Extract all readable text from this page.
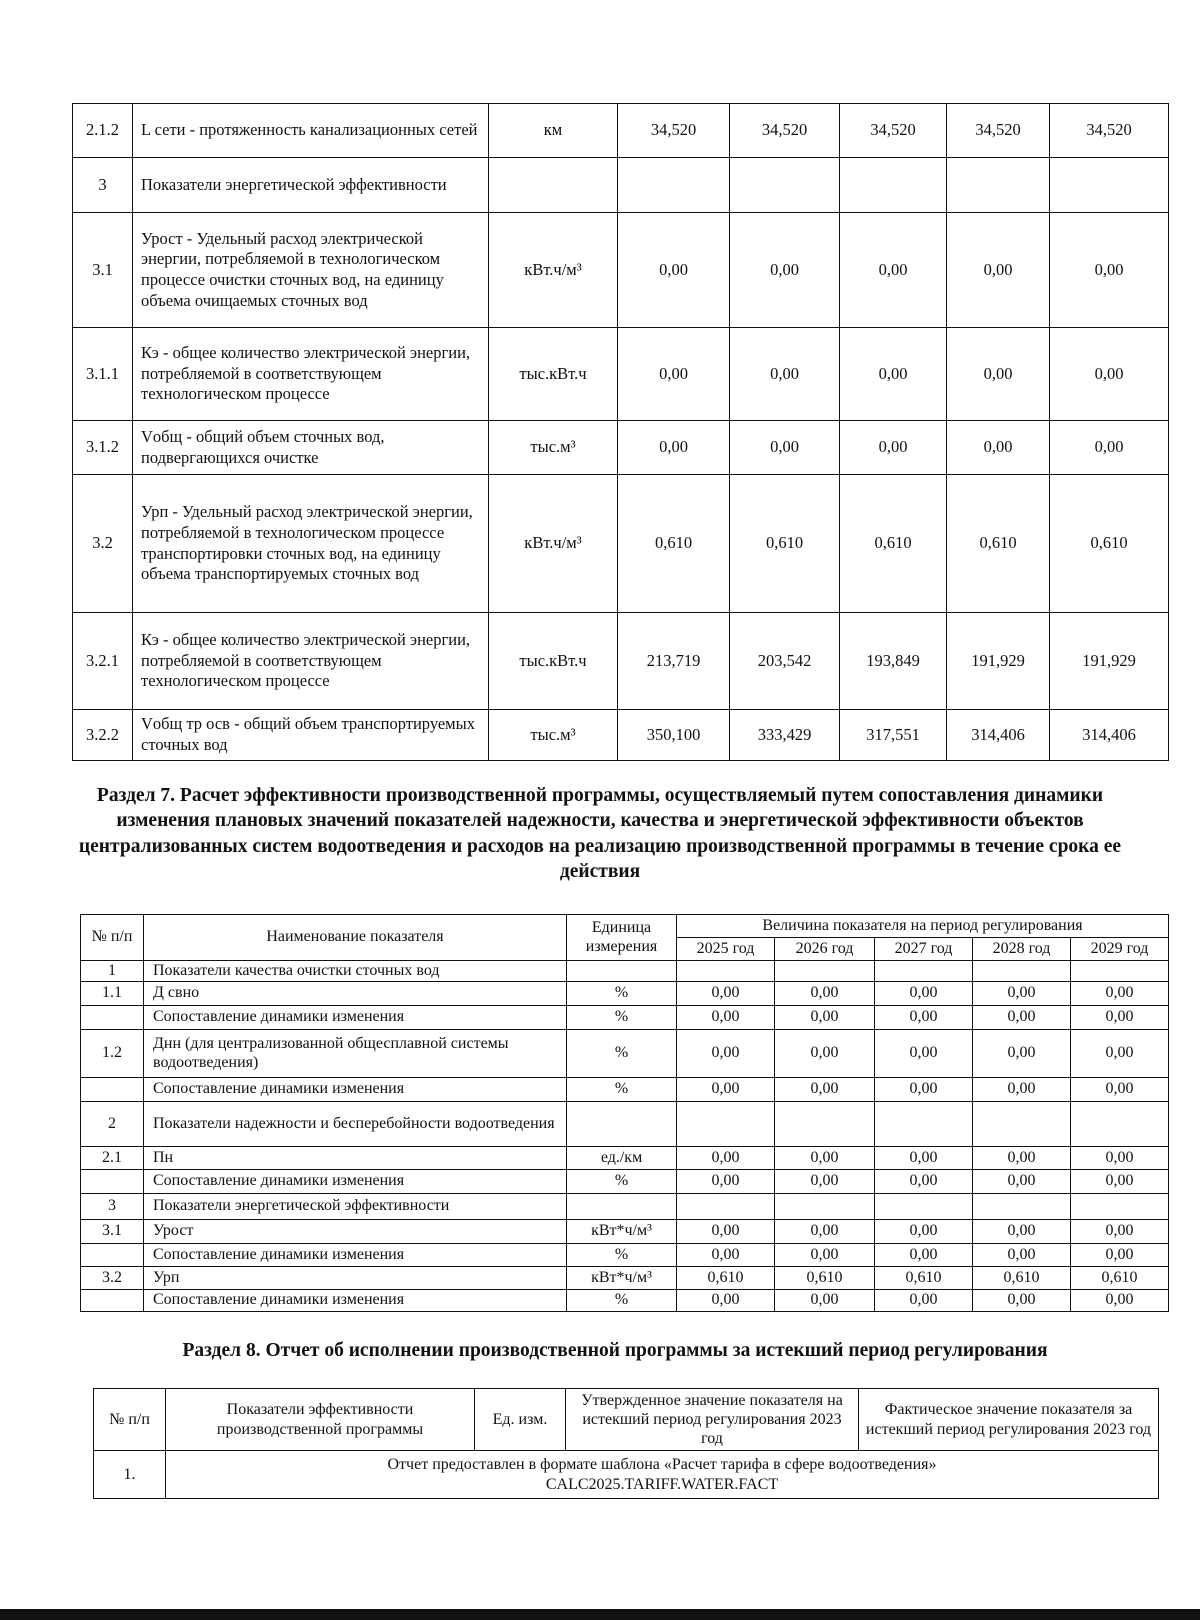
2.1.2	L сети - протяженность канализационных сетей	км	34,520	34,520	34,520	34,520	34,520
3	Показатели энергетической эффективности						
3.1	Урост - Удельный расход электрической энергии, потребляемой в технологическом процессе очистки сточных вод, на единицу объема очищаемых сточных вод	кВт.ч/м³	0,00	0,00	0,00	0,00	0,00
3.1.1	Кэ - общее количество электрической энергии, потребляемой в соответствующем технологическом процессе	тыс.кВт.ч	0,00	0,00	0,00	0,00	0,00
3.1.2	Vобщ - общий объем сточных вод, подвергающихся очистке	тыс.м³	0,00	0,00	0,00	0,00	0,00
3.2	Урп - Удельный расход электрической энергии, потребляемой в технологическом процессе транспортировки сточных вод, на единицу объема транспортируемых сточных вод	кВт.ч/м³	0,610	0,610	0,610	0,610	0,610
3.2.1	Кэ - общее количество электрической энергии, потребляемой в соответствующем технологическом процессе	тыс.кВт.ч	213,719	203,542	193,849	191,929	191,929
3.2.2	Vобщ тр осв - общий объем транспортируемых сточных вод	тыс.м³	350,100	333,429	317,551	314,406	314,406
Раздел 7. Расчет эффективности производственной программы, осуществляемый путем сопоставления динамики изменения плановых значений показателей надежности, качества и энергетической эффективности объектов централизованных систем водоотведения и расходов на реализацию производственной программы в течение срока ее действия
№ п/п	Наименование показателя	Единица измерения	Величина показателя на период регулирования				
			2025 год	2026 год	2027 год	2028 год	2029 год
1	Показатели качества очистки сточных вод						
1.1	Д свно	%	0,00	0,00	0,00	0,00	0,00
	Сопоставление динамики изменения	%	0,00	0,00	0,00	0,00	0,00
1.2	Днн (для централизованной общесплавной системы водоотведения)	%	0,00	0,00	0,00	0,00	0,00
	Сопоставление динамики изменения	%	0,00	0,00	0,00	0,00	0,00
2	Показатели надежности и бесперебойности водоотведения						
2.1	Пн	ед./км	0,00	0,00	0,00	0,00	0,00
	Сопоставление динамики изменения	%	0,00	0,00	0,00	0,00	0,00
3	Показатели энергетической эффективности						
3.1	Урост	кВт*ч/м³	0,00	0,00	0,00	0,00	0,00
	Сопоставление динамики изменения	%	0,00	0,00	0,00	0,00	0,00
3.2	Урп	кВт*ч/м³	0,610	0,610	0,610	0,610	0,610
	Сопоставление динамики изменения	%	0,00	0,00	0,00	0,00	0,00
Раздел 8. Отчет об исполнении производственной программы за истекший период регулирования
№ п/п	Показатели эффективности производственной программы	Ед. изм.	Утвержденное значение показателя на истекший период регулирования 2023 год	Фактическое значение показателя за истекший период регулирования 2023 год
1.	Отчет предоставлен в формате шаблона «Расчет тарифа в сфере водоотведения»
CALC2025.TARIFF.WATER.FACT			
